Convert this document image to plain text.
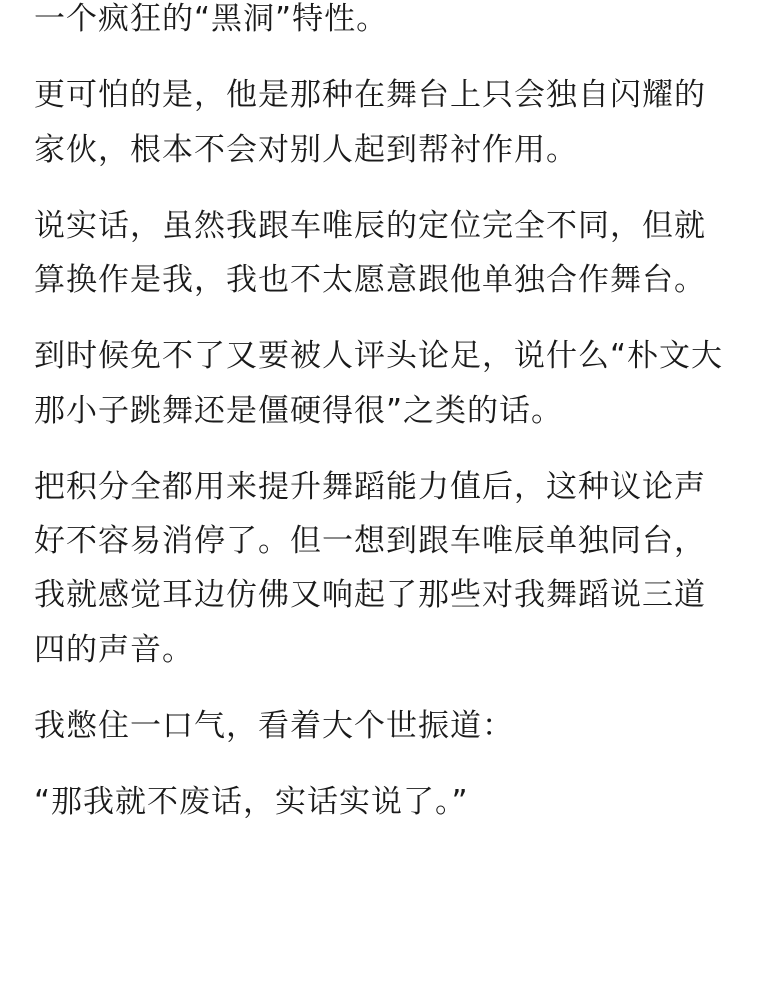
一个疯狂的“黑洞”特性。

更可怕的是，他是那种在舞台上只会独自闪耀的家伙，根本不会对别人起到帮衬作用。

说实话，虽然我跟车唯辰的定位完全不同，但就算换作是我，我也不太愿意跟他单独合作舞台。

到时候免不了又要被人评头论足，说什么“朴文大那小子跳舞还是僵硬得很”之类的话。

把积分全都用来提升舞蹈能力值后，这种议论声好不容易消停了。但一想到跟车唯辰单独同台，我就感觉耳边仿佛又响起了那些对我舞蹈说三道四的声音。

我憋住一口气，看着大个世振道：

“那我就不废话，实话实说了。”
